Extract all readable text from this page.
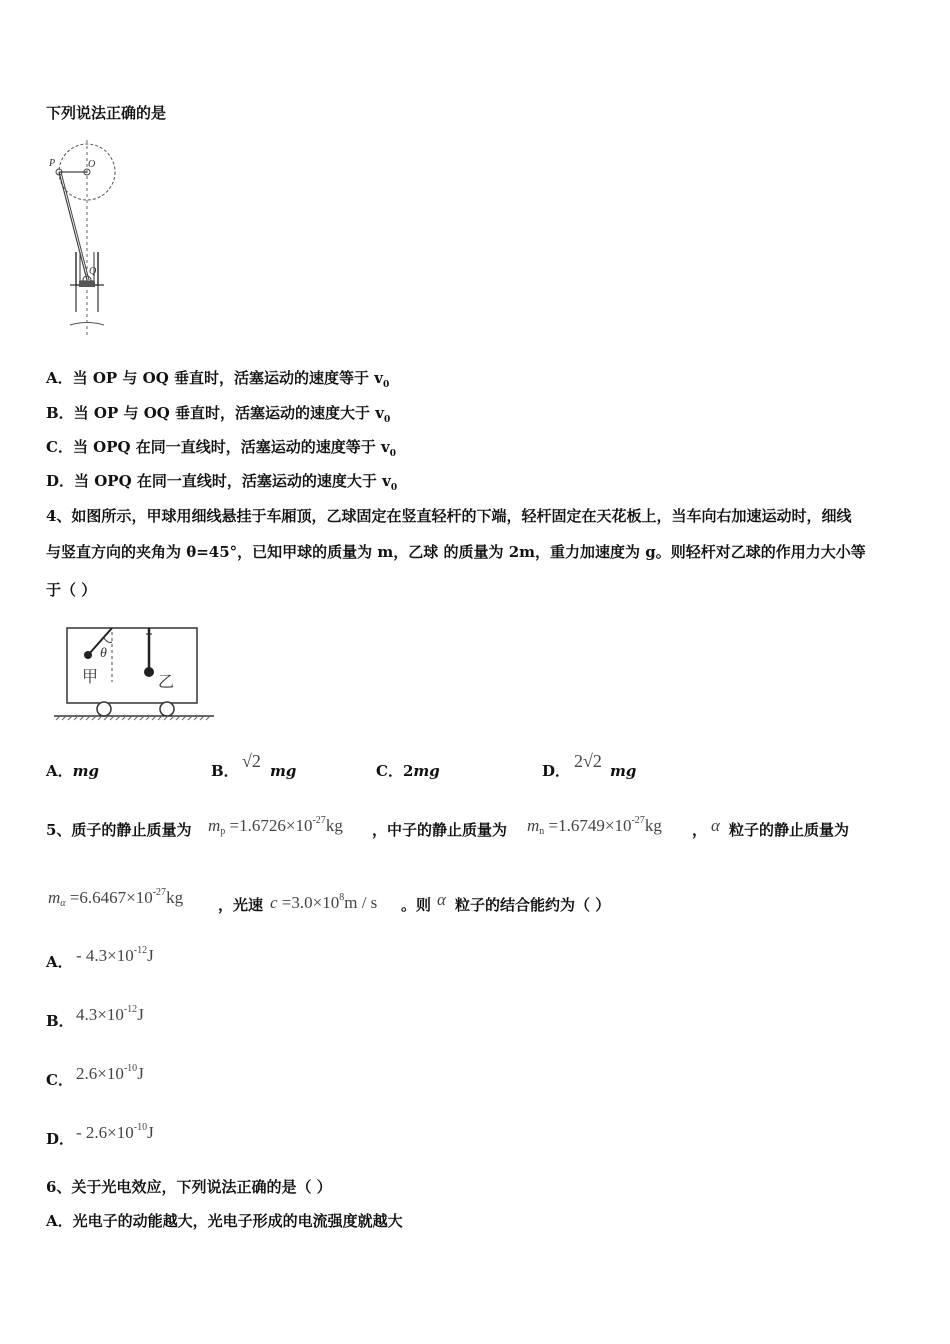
下列说法正确的是
P	O
Q
A．当 OP 与 OQ 垂直时，活塞运动的速度等于 $v_0$
B．当 OP 与 OQ 垂直时，活塞运动的速度大于 $v_0$
C．当 OPQ 在同一直线时，活塞运动的速度等于 $v_0$
D．当 OPQ 在同一直线时，活塞运动的速度大于 $v_0$
4、如图所示，甲球用细线悬挂于车厢顶，乙球固定在竖直轻杆的下端，轻杆固定在天花板上，当车向右加速运动时，细线
与竖直方向的夹角为 θ=45°，已知甲球的质量为 m，乙球 的质量为 2m，重力加速度为 g。则轻杆对乙球的作用力大小等
于（ ）
甲	乙
θ
A．mg	B． √2 mg	C．2mg	D． 2√2 mg
5、质子的静止质量为 $m_p =1.6726\times 10^{-27}kg$ ，中子的静止质量为 $m_n =1.6749\times 10^{-27}kg$ ， α 粒子的静止质量为
$m_\alpha =6.6467\times 10^{-27}kg$ ，光速 $c =3.0\times 10^8m / s$ 。则 α 粒子的结合能约为（ ）
A． - $4.3\times 10^{-12}J$
B． $4.3\times 10^{-12}J$
C． $2.6\times 10^{-10}J$
D． - $2.6\times 10^{-10}J$
6、关于光电效应，下列说法正确的是（ ）
A．光电子的动能越大，光电子形成的电流强度就越大
